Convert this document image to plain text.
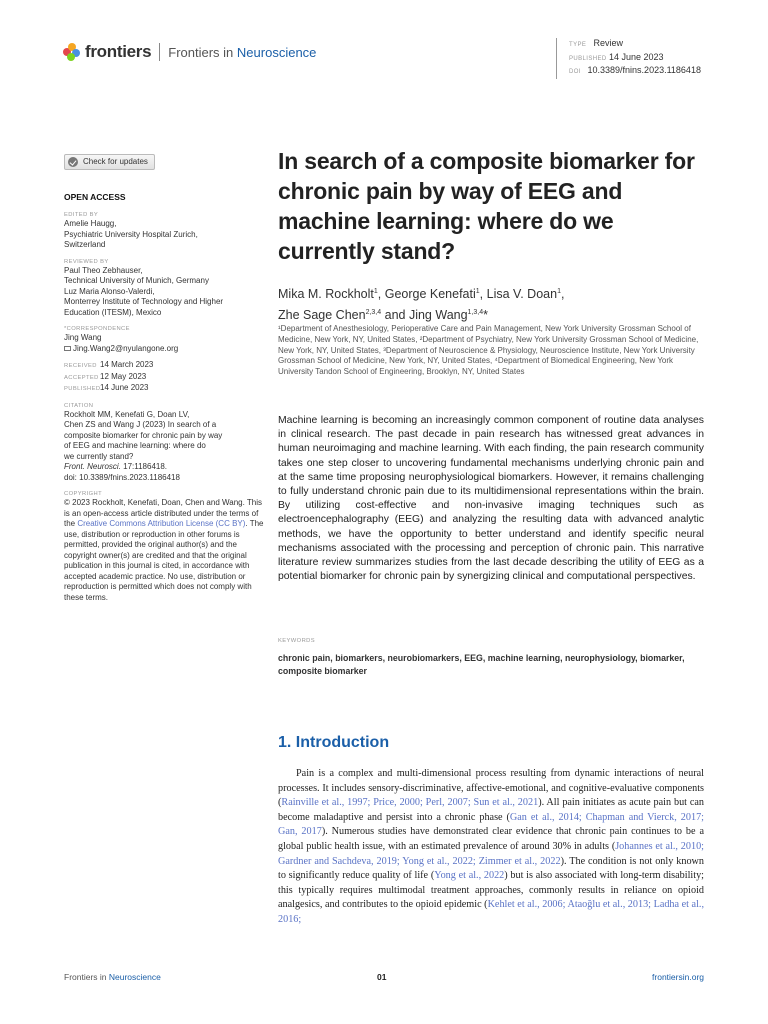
frontiers Frontiers in Neuroscience	TYPE Review
PUBLISHED 14 June 2023
DOI 10.3389/fnins.2023.1186418
Check for updates
OPEN ACCESS
EDITED BY
Amelie Haugg,
Psychiatric University Hospital Zurich,
Switzerland
REVIEWED BY
Paul Theo Zebhauser,
Technical University of Munich, Germany
Luz Maria Alonso-Valerdi,
Monterrey Institute of Technology and Higher
Education (ITESM), Mexico
*CORRESPONDENCE
Jing Wang
Jing.Wang2@nyulangone.org
RECEIVED 14 March 2023
ACCEPTED12 May 2023
PUBLISHED14 June 2023
CITATION
Rockholt MM, Kenefati G, Doan LV,
Chen ZS and Wang J (2023) In search of a
composite biomarker for chronic pain by way
of EEG and machine learning: where do
we currently stand?
Front. Neurosci. 17:1186418.
doi: 10.3389/fnins.2023.1186418
COPYRIGHT
© 2023 Rockholt, Kenefati, Doan, Chen and Wang. This is an open-access article distributed under the terms of the Creative Commons Attribution License (CC BY). The use, distribution or reproduction in other forums is permitted, provided the original author(s) and the copyright owner(s) are credited and that the original publication in this journal is cited, in accordance with accepted academic practice. No use, distribution or reproduction is permitted which does not comply with these terms.
In search of a composite biomarker for chronic pain by way of EEG and machine learning: where do we currently stand?
Mika M. Rockholt$^1$, George Kenefati$^1$, Lisa V. Doan$^1$,
Zhe Sage Chen$^{2,3,4}$ and Jing Wang$^{1,3,4}$*
¹Department of Anesthesiology, Perioperative Care and Pain Management, New York University Grossman School of Medicine, New York, NY, United States, ²Department of Psychiatry, New York University Grossman School of Medicine, New York, NY, United States, ³Department of Neuroscience & Physiology, Neuroscience Institute, New York University Grossman School of Medicine, New York, NY, United States, ⁴Department of Biomedical Engineering, New York University Tandon School of Engineering, Brooklyn, NY, United States
Machine learning is becoming an increasingly common component of routine data analyses in clinical research. The past decade in pain research has witnessed great advances in human neuroimaging and machine learning. With each finding, the pain research community takes one step closer to uncovering fundamental mechanisms underlying chronic pain and at the same time proposing neurophysiological biomarkers. However, it remains challenging to fully understand chronic pain due to its multidimensional representations within the brain. By utilizing cost-effective and non-invasive imaging techniques such as electroencephalography (EEG) and analyzing the resulting data with advanced analytic methods, we have the opportunity to better understand and identify specific neural mechanisms associated with the processing and perception of chronic pain. This narrative literature review summarizes studies from the last decade describing the utility of EEG as a potential biomarker for chronic pain by synergizing clinical and computational perspectives.
KEYWORDS
chronic pain, biomarkers, neurobiomarkers, EEG, machine learning, neurophysiology, biomarker, composite biomarker
1. Introduction

Pain is a complex and multi-dimensional process resulting from dynamic interactions of neural processes. It includes sensory-discriminative, affective-emotional, and cognitive-evaluative components (Rainville et al., 1997; Price, 2000; Perl, 2007; Sun et al., 2021). All pain initiates as acute pain but can become maladaptive and persist into a chronic phase (Gan et al., 2014; Chapman and Vierck, 2017; Gan, 2017). Numerous studies have demonstrated clear evidence that chronic pain continues to be a global public health issue, with an estimated prevalence of around 30% in adults (Johannes et al., 2010; Gardner and Sachdeva, 2019; Yong et al., 2022; Zimmer et al., 2022). The condition is not only known to significantly reduce quality of life (Yong et al., 2022) but is also associated with long-term disability; this typically requires multimodal treatment approaches, commonly results in reliance on opioid analgesics, and contributes to the opioid epidemic (Kehlet et al., 2006; Ataoğlu et al., 2013; Ladha et al., 2016;

Frontiers in Neuroscience	01	frontiersin.org
